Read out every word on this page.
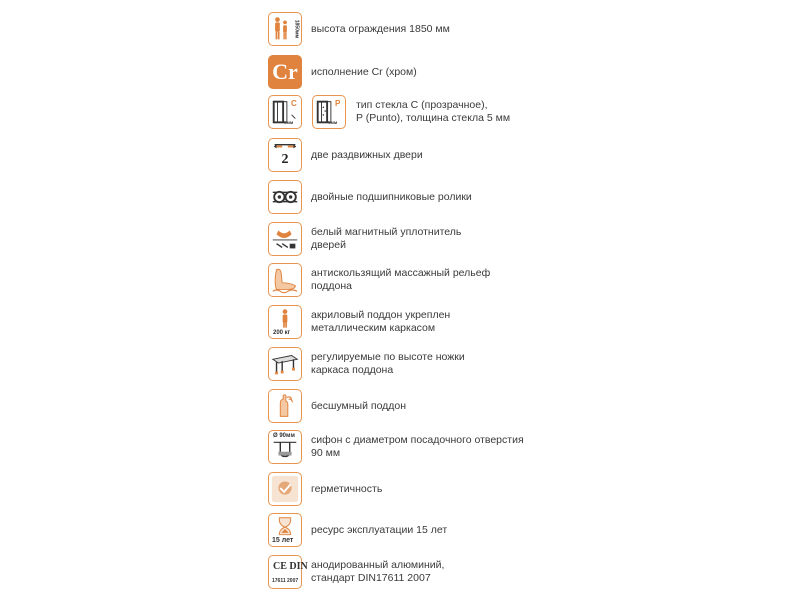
1850мм высота ограждения 1850 мм
Cr	исполнение Cr (хром)
C
5мм
P
5мм
тип стекла C (прозрачное),
P (Punto), толщина стекла 5 мм
2	две раздвижных двери
двойные подшипниковые ролики
белый магнитный уплотнитель
дверей
антискользящий массажный рельеф
поддона
200 кг
акриловый поддон укреплен
металлическим каркасом
регулируемые по высоте ножки
каркаса поддона
бесшумный поддон
Ø 90мм сифон с диаметром посадочного отверстия
90 мм
герметичность
15 лет
ресурс эксплуатации 15 лет
CE DIN
17611 2007
анодированный алюминий,
стандарт DIN17611 2007
